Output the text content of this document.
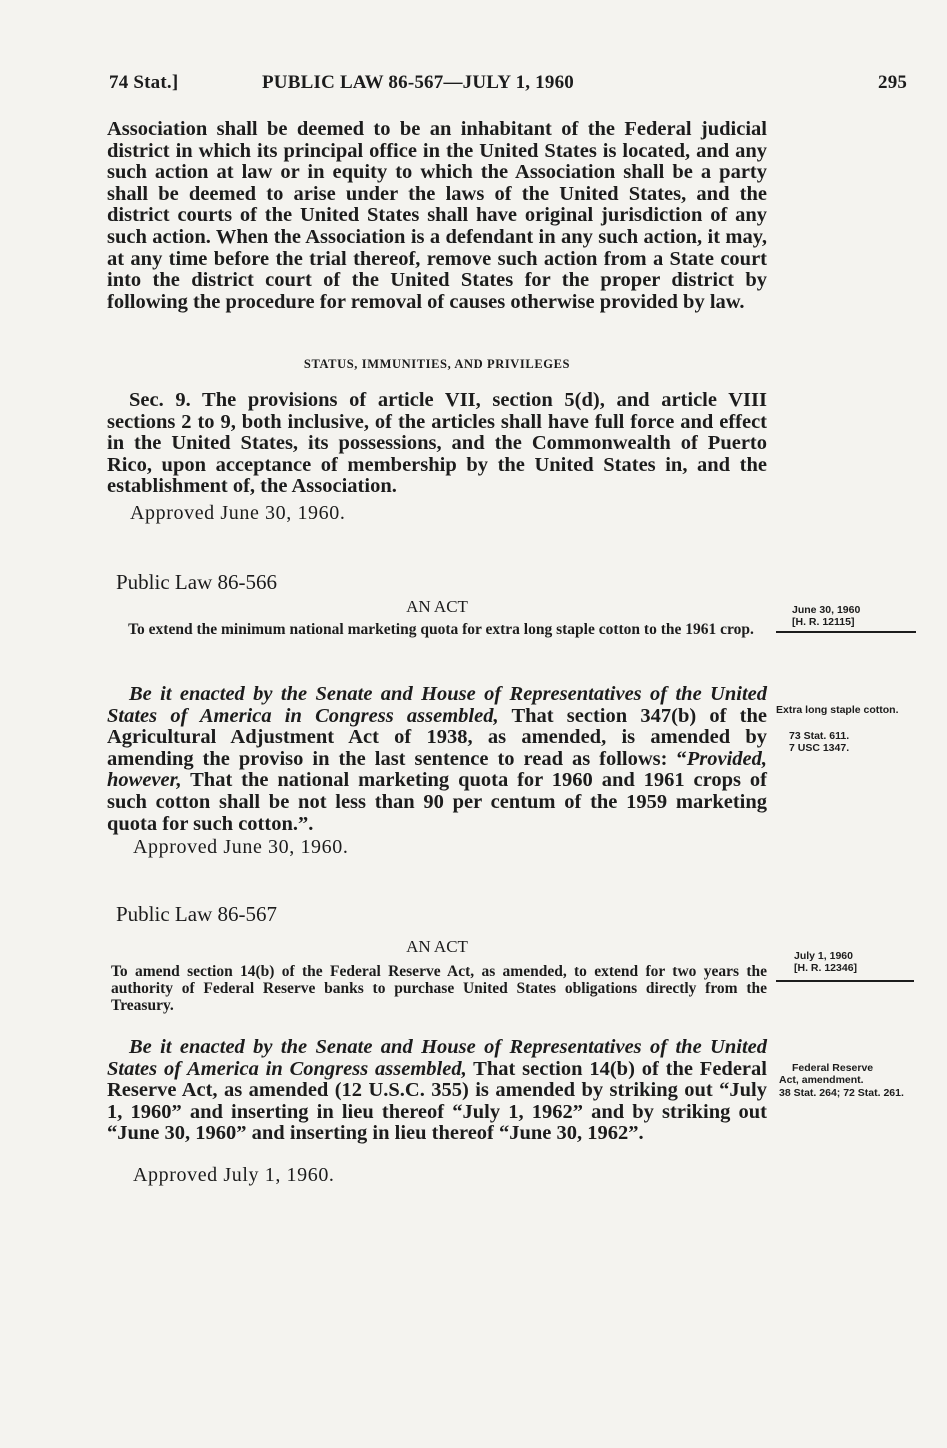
74 Stat.]	PUBLIC LAW 86-567—JULY 1, 1960	295

Association shall be deemed to be an inhabitant of the Federal judicial district in which its principal office in the United States is located, and any such action at law or in equity to which the Association shall be a party shall be deemed to arise under the laws of the United States, and the district courts of the United States shall have original jurisdiction of any such action. When the Association is a defendant in any such action, it may, at any time before the trial thereof, remove such action from a State court into the district court of the United States for the proper district by following the procedure for removal of causes otherwise provided by law.

STATUS, IMMUNITIES, AND PRIVILEGES

Sec. 9. The provisions of article VII, section 5(d), and article VIII sections 2 to 9, both inclusive, of the articles shall have full force and effect in the United States, its possessions, and the Commonwealth of Puerto Rico, upon acceptance of membership by the United States in, and the establishment of, the Association.

Approved June 30, 1960.
Public Law 86-566
AN ACT
To extend the minimum national marketing quota for extra long staple cotton to the 1961 crop.
June 30, 1960
[H. R. 12115]

Be it enacted by the Senate and House of Representatives of the United States of America in Congress assembled, That section 347(b) of the Agricultural Adjustment Act of 1938, as amended, is amended by amending the proviso in the last sentence to read as follows: “Provided, however, That the national marketing quota for 1960 and 1961 crops of such cotton shall be not less than 90 per centum of the 1959 marketing quota for such cotton.”.

Extra long staple cotton.
73 Stat. 611.
7 USC 1347.
Approved June 30, 1960.
Public Law 86-567
AN ACT
To amend section 14(b) of the Federal Reserve Act, as amended, to extend for two years the authority of Federal Reserve banks to purchase United States obligations directly from the Treasury.
July 1, 1960
[H. R. 12346]

Be it enacted by the Senate and House of Representatives of the United States of America in Congress assembled, That section 14(b) of the Federal Reserve Act, as amended (12 U.S.C. 355) is amended by striking out “July 1, 1960” and inserting in lieu thereof “July 1, 1962” and by striking out “June 30, 1960” and inserting in lieu thereof “June 30, 1962”.

Federal Reserve
Act, amendment.
38 Stat. 264; 72 Stat. 261.
Approved July 1, 1960.
